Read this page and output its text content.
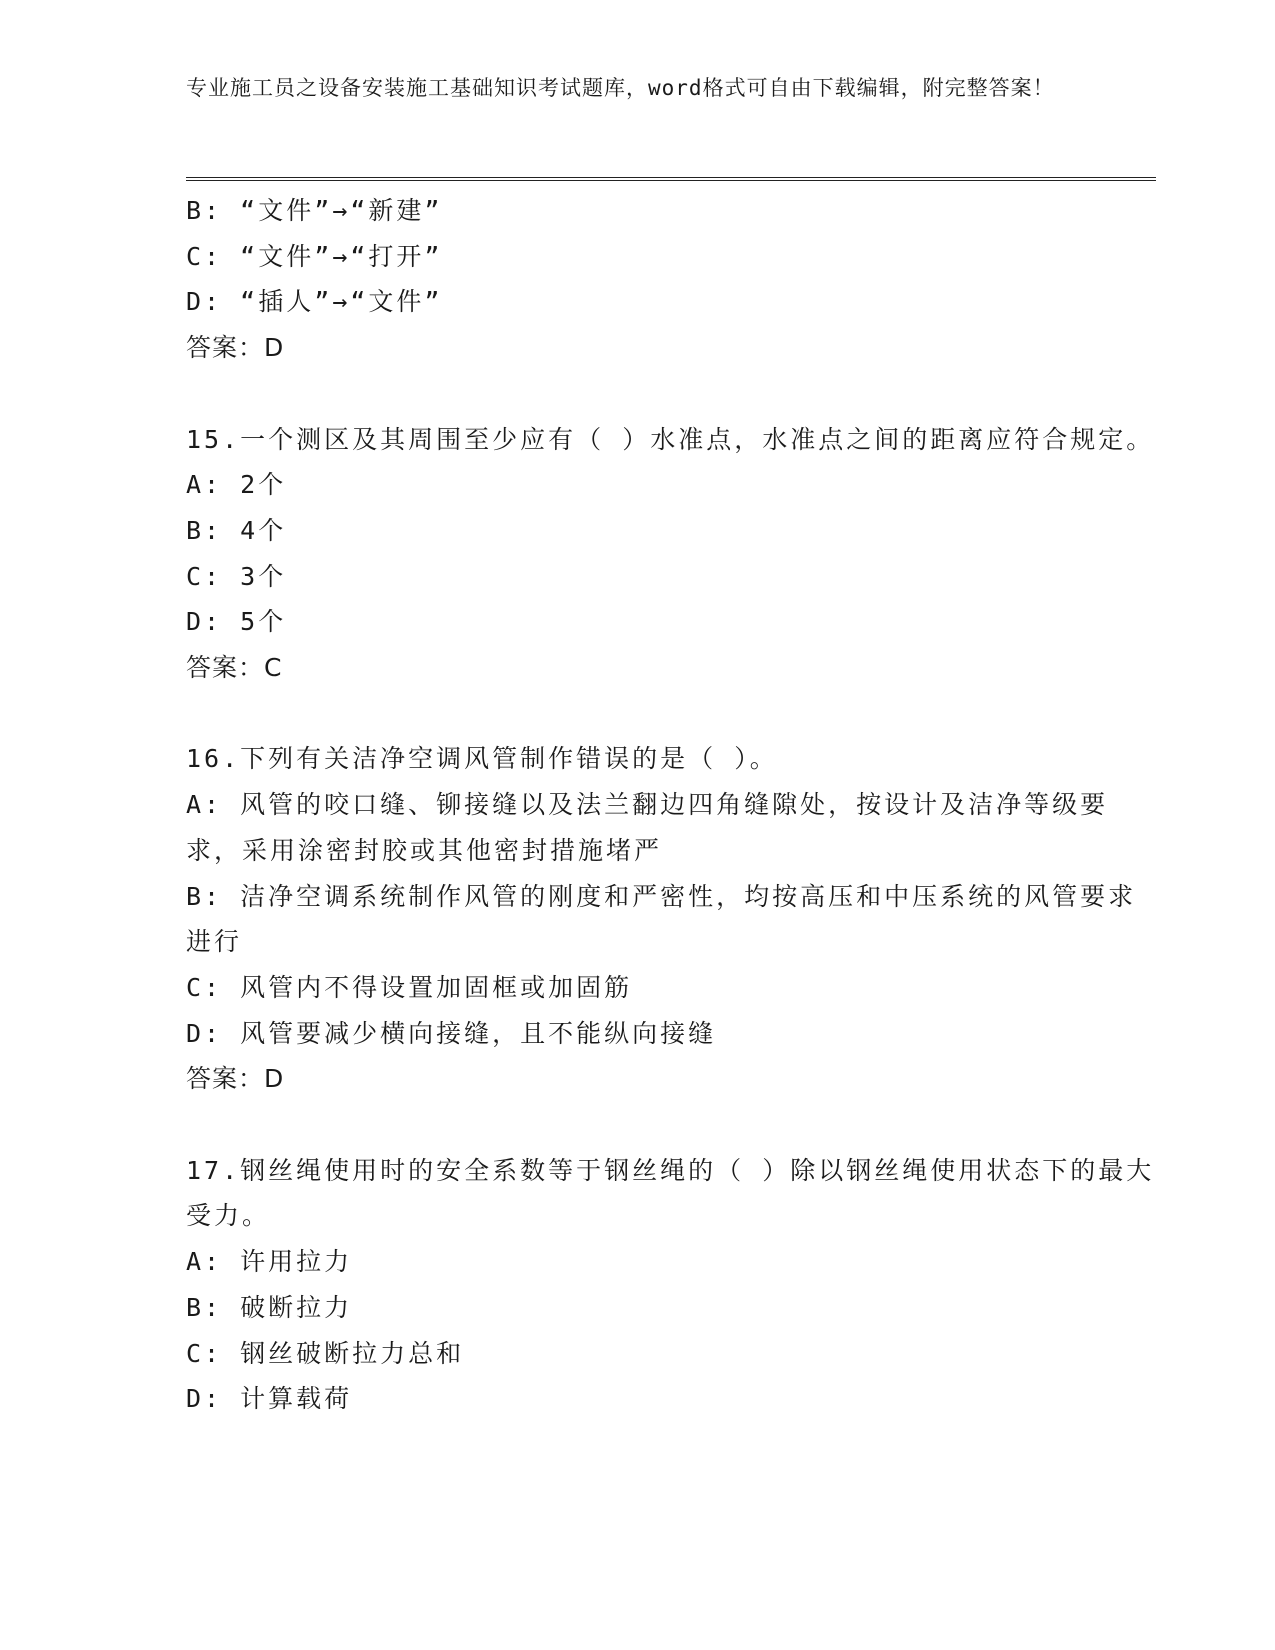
专业施工员之设备安装施工基础知识考试题库，word格式可自由下载编辑，附完整答案！

B: “文件”→“新建”

C: “文件”→“打开”

D: “插人”→“文件”

答案：D

15.一个测区及其周围至少应有（ ）水准点，水准点之间的距离应符合规定。

A: 2个

B: 4个

C: 3个

D: 5个

答案：C

16.下列有关洁净空调风管制作错误的是（ ）。

A: 风管的咬口缝、铆接缝以及法兰翻边四角缝隙处，按设计及洁净等级要求，采用涂密封胶或其他密封措施堵严

B: 洁净空调系统制作风管的刚度和严密性，均按高压和中压系统的风管要求进行

C: 风管内不得设置加固框或加固筋

D: 风管要减少横向接缝，且不能纵向接缝

答案：D

17.钢丝绳使用时的安全系数等于钢丝绳的（ ）除以钢丝绳使用状态下的最大受力。

A: 许用拉力

B: 破断拉力

C: 钢丝破断拉力总和

D: 计算载荷
